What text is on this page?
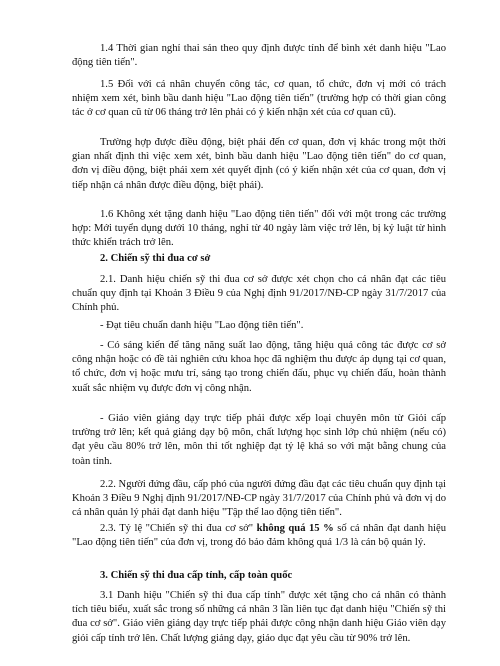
1.4 Thời gian nghỉ thai sản theo quy định được tính để bình xét danh hiệu "Lao động tiên tiến".

1.5 Đối với cá nhân chuyển công tác, cơ quan, tổ chức, đơn vị mới có trách nhiệm xem xét, bình bầu danh hiệu "Lao động tiên tiến" (trường hợp có thời gian công tác ở cơ quan cũ từ 06 tháng trở lên phải có ý kiến nhận xét của cơ quan cũ).

Trường hợp được điều động, biệt phái đến cơ quan, đơn vị khác trong một thời gian nhất định thì việc xem xét, bình bầu danh hiệu "Lao động tiên tiến" do cơ quan, đơn vị điều động, biệt phái xem xét quyết định (có ý kiến nhận xét của cơ quan, đơn vị tiếp nhận cá nhân được điều động, biệt phái).

1.6 Không xét tặng danh hiệu "Lao động tiên tiến" đối với một trong các trường hợp: Mới tuyển dụng dưới 10 tháng, nghỉ từ 40 ngày làm việc trở lên, bị kỷ luật từ hình thức khiển trách trở lên.

2. Chiến sỹ thi đua cơ sở

2.1. Danh hiệu chiến sỹ thi đua cơ sở được xét chọn cho cá nhân đạt các tiêu chuẩn quy định tại Khoản 3 Điều 9 của Nghị định 91/2017/NĐ-CP ngày 31/7/2017 của Chính phủ.

- Đạt tiêu chuẩn danh hiệu "Lao động tiên tiến".

- Có sáng kiến để tăng năng suất lao động, tăng hiệu quả công tác được cơ sở công nhận hoặc có đề tài nghiên cứu khoa học đã nghiệm thu được áp dụng tại cơ quan, tổ chức, đơn vị hoặc mưu trí, sáng tạo trong chiến đấu, phục vụ chiến đấu, hoàn thành xuất sắc nhiệm vụ được đơn vị công nhận.

- Giáo viên giảng dạy trực tiếp phải được xếp loại chuyên môn từ Giỏi cấp trường trở lên; kết quả giảng dạy bộ môn, chất lượng học sinh lớp chủ nhiệm (nếu có) đạt yêu cầu 80% trở lên, môn thi tốt nghiệp đạt tỷ lệ khá so với mặt bằng chung của toàn tỉnh.

2.2. Người đứng đầu, cấp phó của người đứng đầu đạt các tiêu chuẩn quy định tại Khoản 3 Điều 9 Nghị định 91/2017/NĐ-CP ngày 31/7/2017 của Chính phủ và đơn vị do cá nhân quản lý phải đạt danh hiệu "Tập thể lao động tiên tiến".

2.3. Tỷ lệ "Chiến sỹ thi đua cơ sở" không quá 15 % số cá nhân đạt danh hiệu "Lao động tiên tiến" của đơn vị, trong đó bảo đảm không quá 1/3 là cán bộ quản lý.

3. Chiến sỹ thi đua cấp tỉnh, cấp toàn quốc

3.1 Danh hiệu "Chiến sỹ thi đua cấp tỉnh" được xét tặng cho cá nhân có thành tích tiêu biểu, xuất sắc trong số những cá nhân 3 lần liên tục đạt danh hiệu "Chiến sỹ thi đua cơ sở". Giáo viên giảng dạy trực tiếp phải được công nhận danh hiệu Giáo viên dạy giỏi cấp tỉnh trở lên. Chất lượng giảng dạy, giáo dục đạt yêu cầu từ 90% trở lên.
